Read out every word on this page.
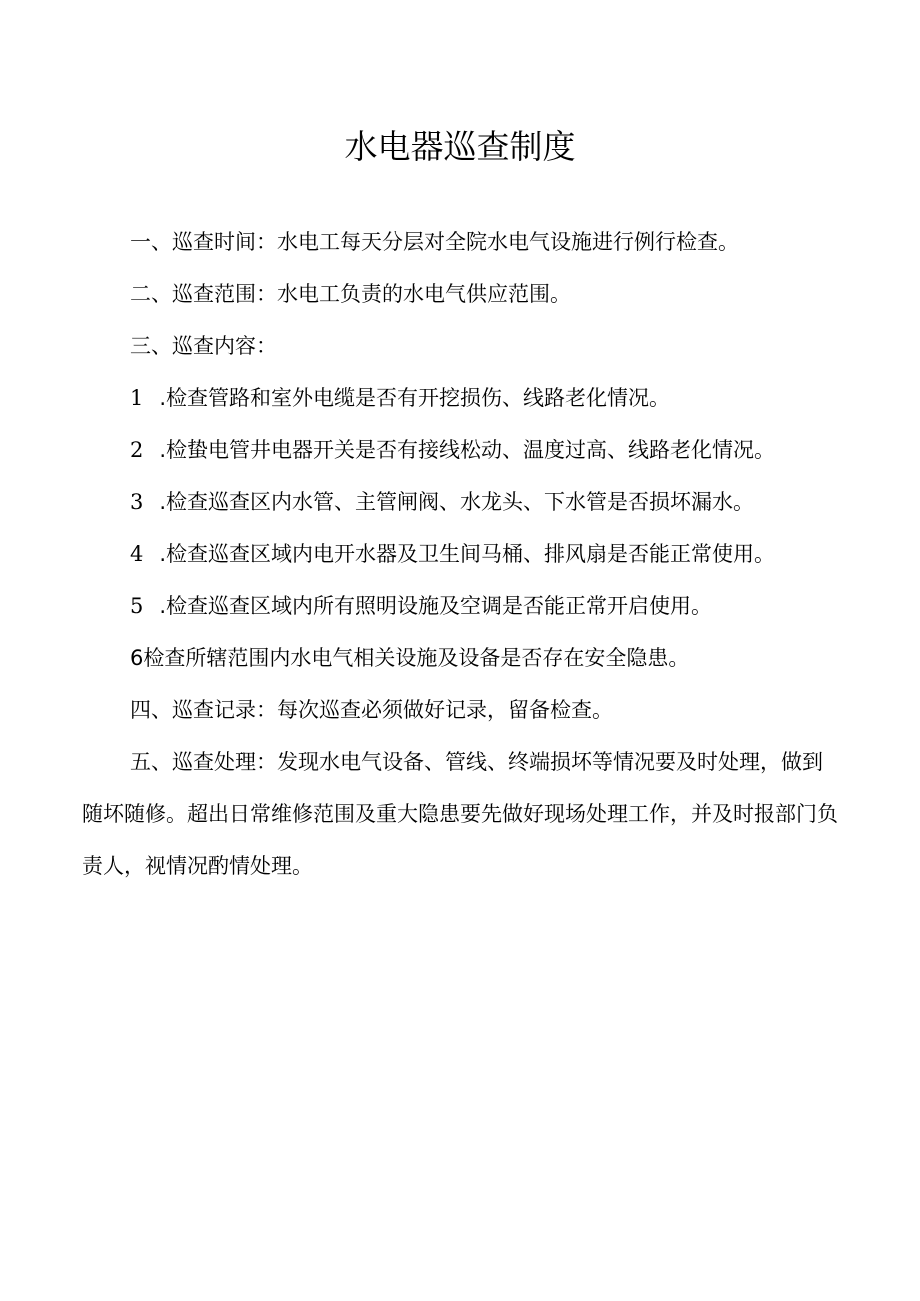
水电器巡查制度

一、巡查时间：水电工每天分层对全院水电气设施进行例行检查。

二、巡查范围：水电工负责的水电气供应范围。

三、巡查内容：

1 .检查管路和室外电缆是否有开挖损伤、线路老化情况。

2 .检蛰电管井电器开关是否有接线松动、温度过高、线路老化情况。

3 .检查巡查区内水管、主管闸阀、水龙头、下水管是否损坏漏水。

4 .检查巡查区域内电开水器及卫生间马桶、排风扇是否能正常使用。

5 .检查巡查区域内所有照明设施及空调是否能正常开启使用。

6检查所辖范围内水电气相关设施及设备是否存在安全隐患。

四、巡查记录：每次巡查必须做好记录，留备检查。

五、巡查处理：发现水电气设备、管线、终端损坏等情况要及时处理，做到随坏随修。超出日常维修范围及重大隐患要先做好现场处理工作，并及时报部门负责人，视情况酌情处理。
